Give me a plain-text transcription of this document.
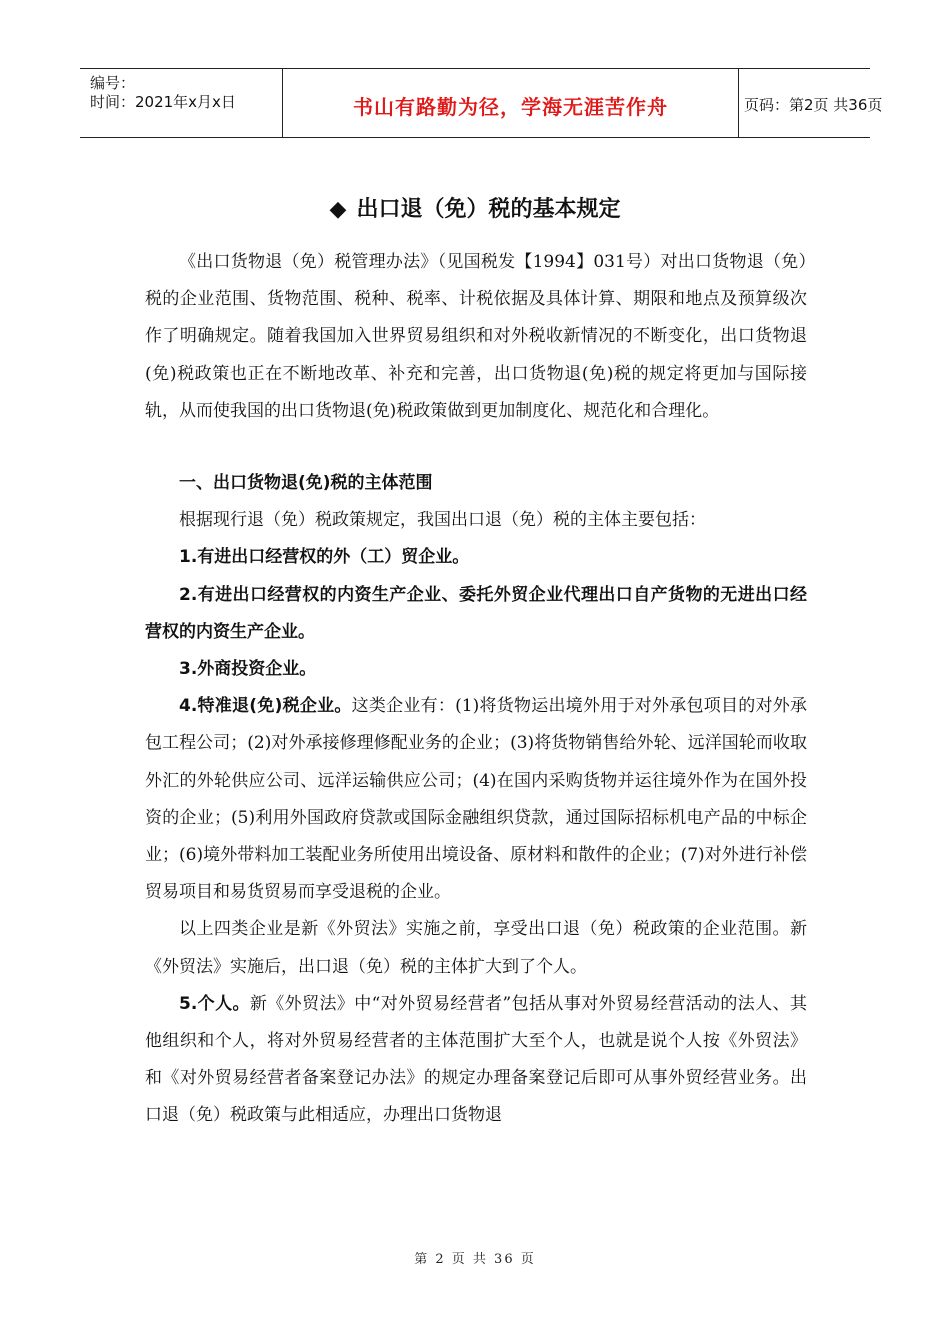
编号：
时间：2021年x月x日	书山有路勤为径，学海无涯苦作舟	页码：第2页 共36页
◆ 出口退（免）税的基本规定

《出口货物退（免）税管理办法》（见国税发【1994】031号）对出口货物退（免）税的企业范围、货物范围、税种、税率、计税依据及具体计算、期限和地点及预算级次作了明确规定。随着我国加入世界贸易组织和对外税收新情况的不断变化，出口货物退(免)税政策也正在不断地改革、补充和完善，出口货物退(免)税的规定将更加与国际接轨，从而使我国的出口货物退(免)税政策做到更加制度化、规范化和合理化。

一、出口货物退(免)税的主体范围

根据现行退（免）税政策规定，我国出口退（免）税的主体主要包括：

1.有进出口经营权的外（工）贸企业。

2.有进出口经营权的内资生产企业、委托外贸企业代理出口自产货物的无进出口经营权的内资生产企业。

3.外商投资企业。

4.特准退(免)税企业。这类企业有：(1)将货物运出境外用于对外承包项目的对外承包工程公司；(2)对外承接修理修配业务的企业；(3)将货物销售给外轮、远洋国轮而收取外汇的外轮供应公司、远洋运输供应公司；(4)在国内采购货物并运往境外作为在国外投资的企业；(5)利用外国政府贷款或国际金融组织贷款，通过国际招标机电产品的中标企业；(6)境外带料加工装配业务所使用出境设备、原材料和散件的企业；(7)对外进行补偿贸易项目和易货贸易而享受退税的企业。

以上四类企业是新《外贸法》实施之前，享受出口退（免）税政策的企业范围。新《外贸法》实施后，出口退（免）税的主体扩大到了个人。

5.个人。新《外贸法》中“对外贸易经营者”包括从事对外贸易经营活动的法人、其他组织和个人，将对外贸易经营者的主体范围扩大至个人，也就是说个人按《外贸法》和《对外贸易经营者备案登记办法》的规定办理备案登记后即可从事外贸经营业务。出口退（免）税政策与此相适应，办理出口货物退

第 2 页 共 36 页
